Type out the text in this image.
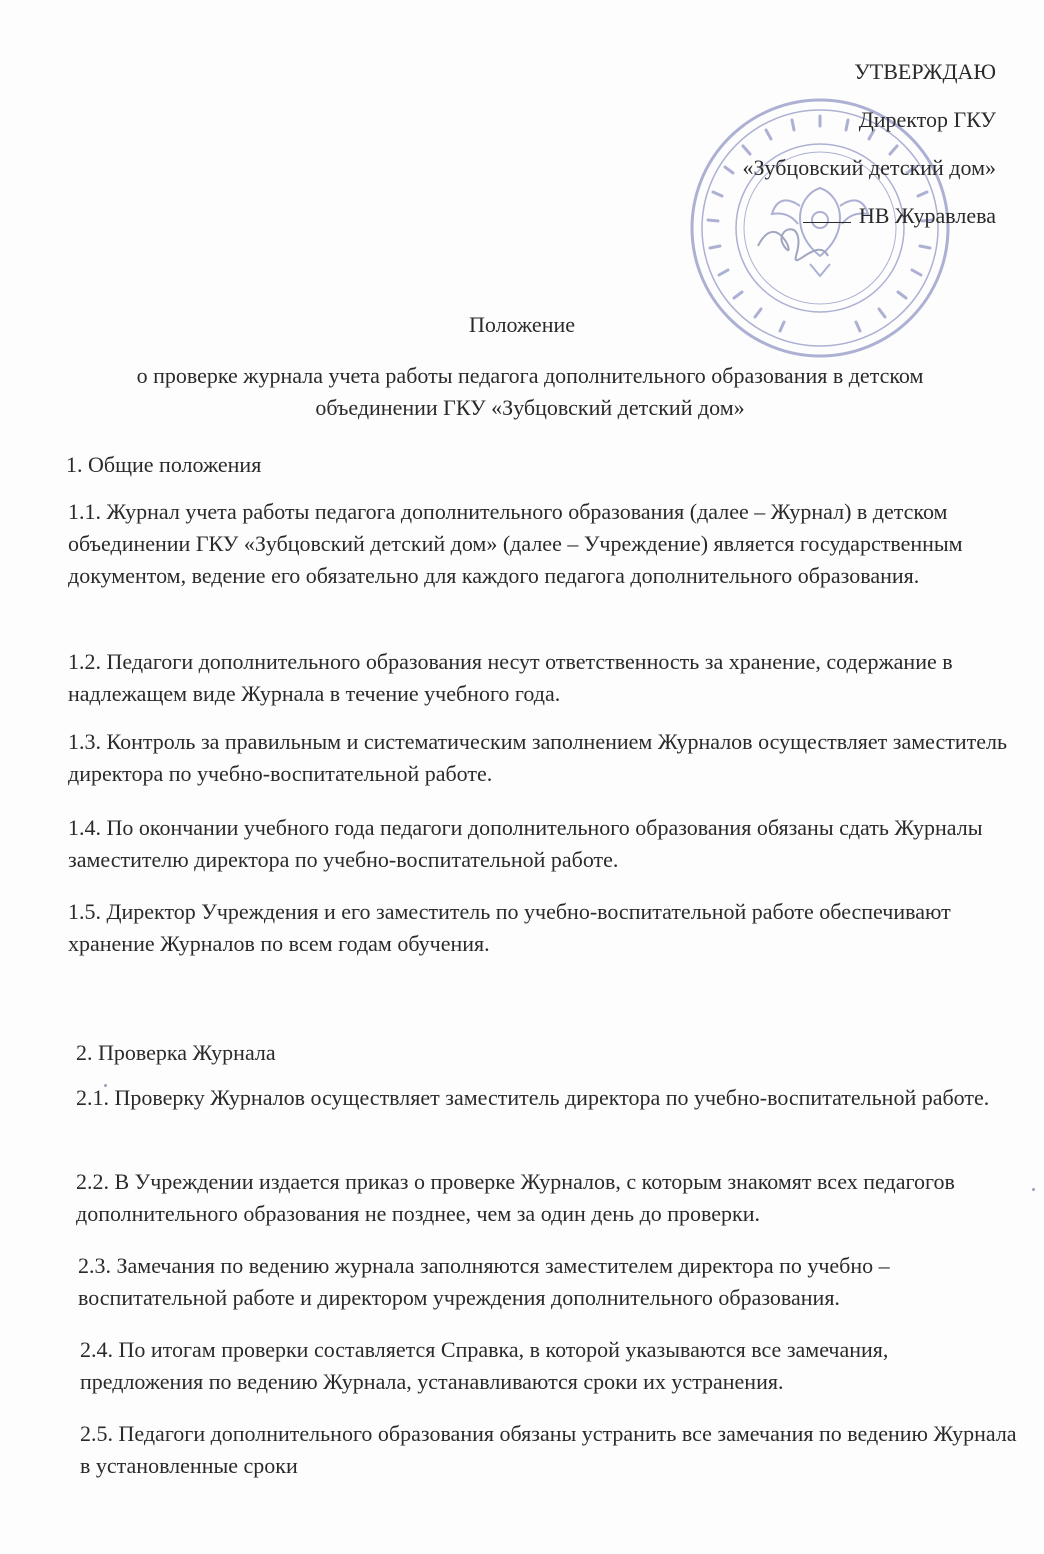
УТВЕРЖДАЮ
Директор ГКУ
«Зубцовский детский дом»
НВ Журавлева
Положение
о проверке журнала учета работы педагога дополнительного образования в детском
объединении ГКУ «Зубцовский детский дом»
1. Общие положения
1.1. Журнал учета работы педагога дополнительного образования (далее – Журнал) в детском объединении ГКУ «Зубцовский детский дом» (далее – Учреждение) является государственным документом, ведение его обязательно для каждого педагога дополнительного образования.
1.2. Педагоги дополнительного образования несут ответственность за хранение, содержание в надлежащем виде Журнала в течение учебного года.
1.3. Контроль за правильным и систематическим заполнением Журналов осуществляет заместитель директора по учебно-воспитательной работе.
1.4. По окончании учебного года педагоги дополнительного образования обязаны сдать Журналы заместителю директора по учебно-воспитательной работе.
1.5. Директор Учреждения и его заместитель по учебно-воспитательной работе обеспечивают хранение Журналов по всем годам обучения.
2. Проверка Журнала
2.1. Проверку Журналов осуществляет заместитель директора по учебно-воспитательной работе.
2.2. В Учреждении издается приказ о проверке Журналов, с которым знакомят всех педагогов дополнительного образования не позднее, чем за один день до проверки.
2.3. Замечания по ведению журнала заполняются заместителем директора по учебно – воспитательной работе и директором учреждения дополнительного образования.
2.4. По итогам проверки составляется Справка, в которой указываются все замечания, предложения по ведению Журнала, устанавливаются сроки их устранения.
2.5. Педагоги дополнительного образования обязаны устранить все замечания по ведению Журнала в установленные сроки
